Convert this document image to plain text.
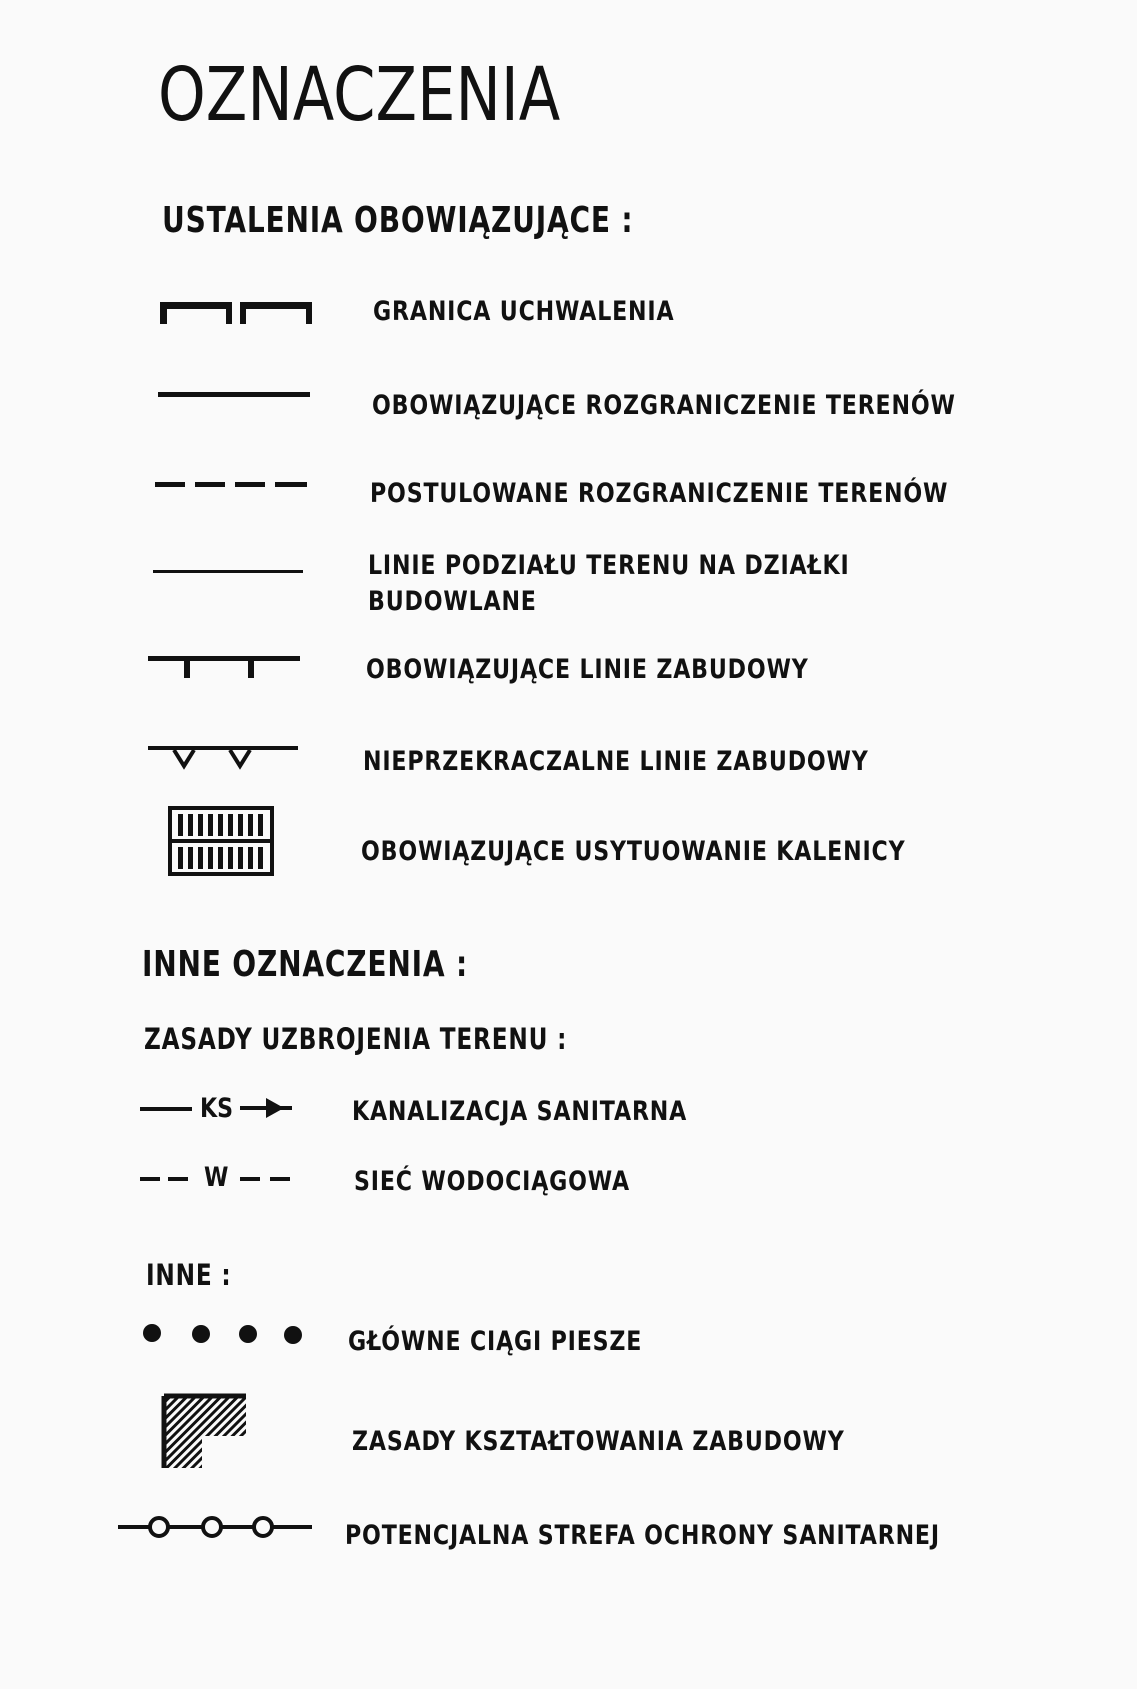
OZNACZENIA
USTALENIA OBOWIĄZUJĄCE :
GRANICA UCHWALENIA
OBOWIĄZUJĄCE ROZGRANICZENIE TERENÓW
POSTULOWANE ROZGRANICZENIE TERENÓW
LINIE PODZIAŁU TERENU NA DZIAŁKI
BUDOWLANE
OBOWIĄZUJĄCE LINIE ZABUDOWY
NIEPRZEKRACZALNE LINIE ZABUDOWY
OBOWIĄZUJĄCE USYTUOWANIE KALENICY
INNE OZNACZENIA :
ZASADY UZBROJENIA TERENU :
KS	KANALIZACJA SANITARNA
W	SIEĆ WODOCIĄGOWA
INNE :
GŁÓWNE CIĄGI PIESZE
ZASADY KSZTAŁTOWANIA ZABUDOWY
POTENCJALNA STREFA OCHRONY SANITARNEJ
